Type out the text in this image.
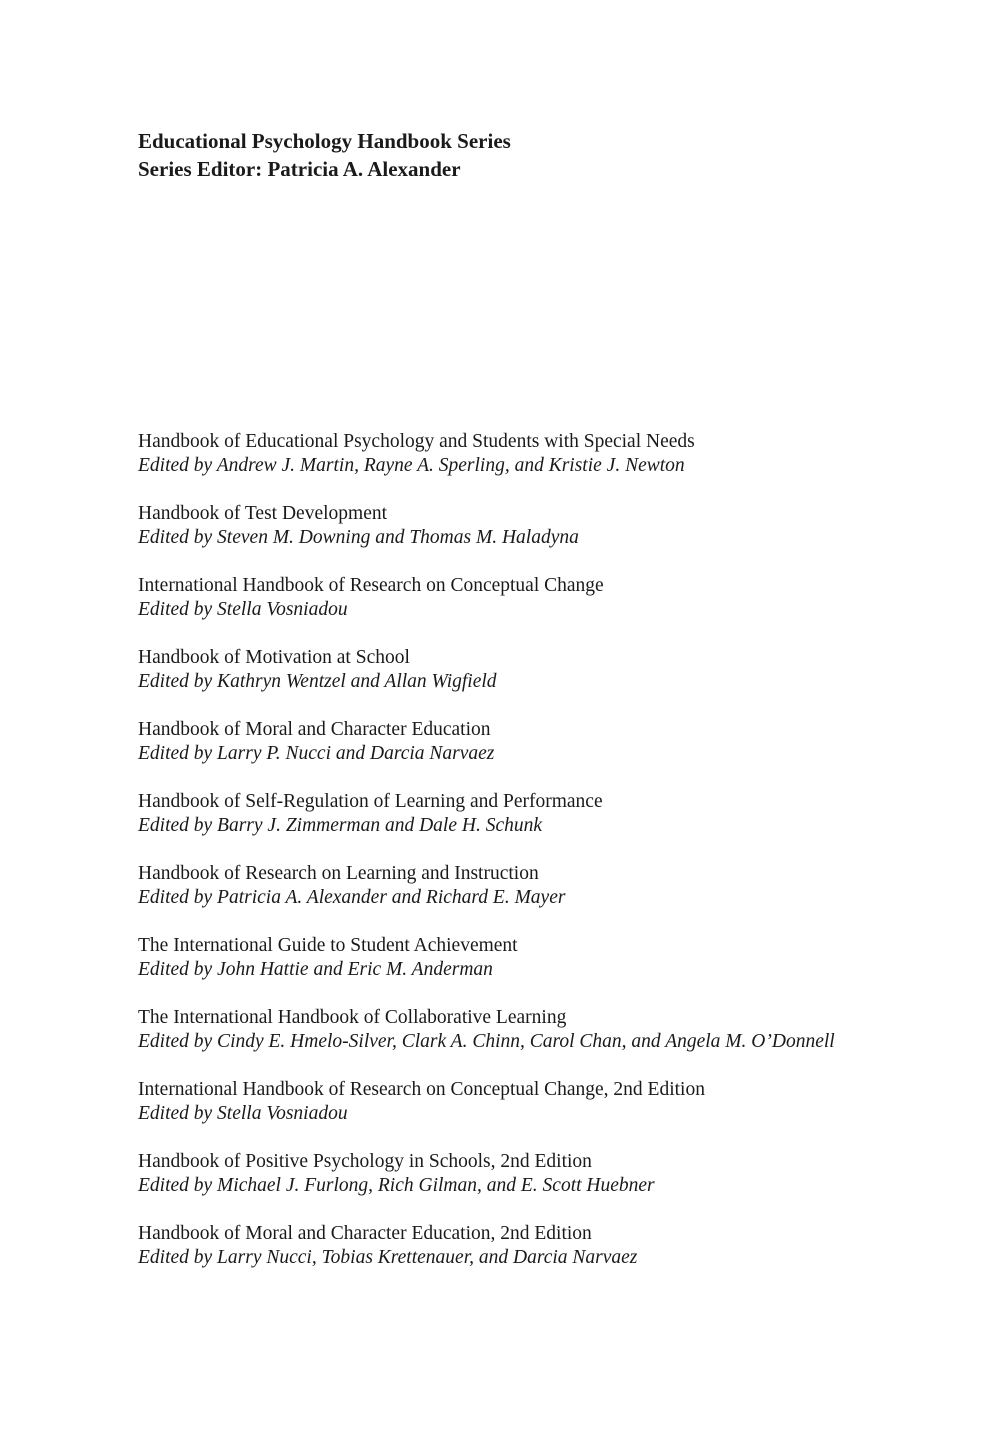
Educational Psychology Handbook Series

Series Editor: Patricia A. Alexander

Handbook of Educational Psychology and Students with Special Needs
Edited by Andrew J. Martin, Rayne A. Sperling, and Kristie J. Newton
Handbook of Test Development
Edited by Steven M. Downing and Thomas M. Haladyna
International Handbook of Research on Conceptual Change
Edited by Stella Vosniadou
Handbook of Motivation at School
Edited by Kathryn Wentzel and Allan Wigfield
Handbook of Moral and Character Education
Edited by Larry P. Nucci and Darcia Narvaez
Handbook of Self-Regulation of Learning and Performance
Edited by Barry J. Zimmerman and Dale H. Schunk
Handbook of Research on Learning and Instruction
Edited by Patricia A. Alexander and Richard E. Mayer
The International Guide to Student Achievement
Edited by John Hattie and Eric M. Anderman
The International Handbook of Collaborative Learning
Edited by Cindy E. Hmelo-Silver, Clark A. Chinn, Carol Chan, and Angela M. O’Donnell
International Handbook of Research on Conceptual Change, 2nd Edition
Edited by Stella Vosniadou
Handbook of Positive Psychology in Schools, 2nd Edition
Edited by Michael J. Furlong, Rich Gilman, and E. Scott Huebner
Handbook of Moral and Character Education, 2nd Edition
Edited by Larry Nucci, Tobias Krettenauer, and Darcia Narvaez
